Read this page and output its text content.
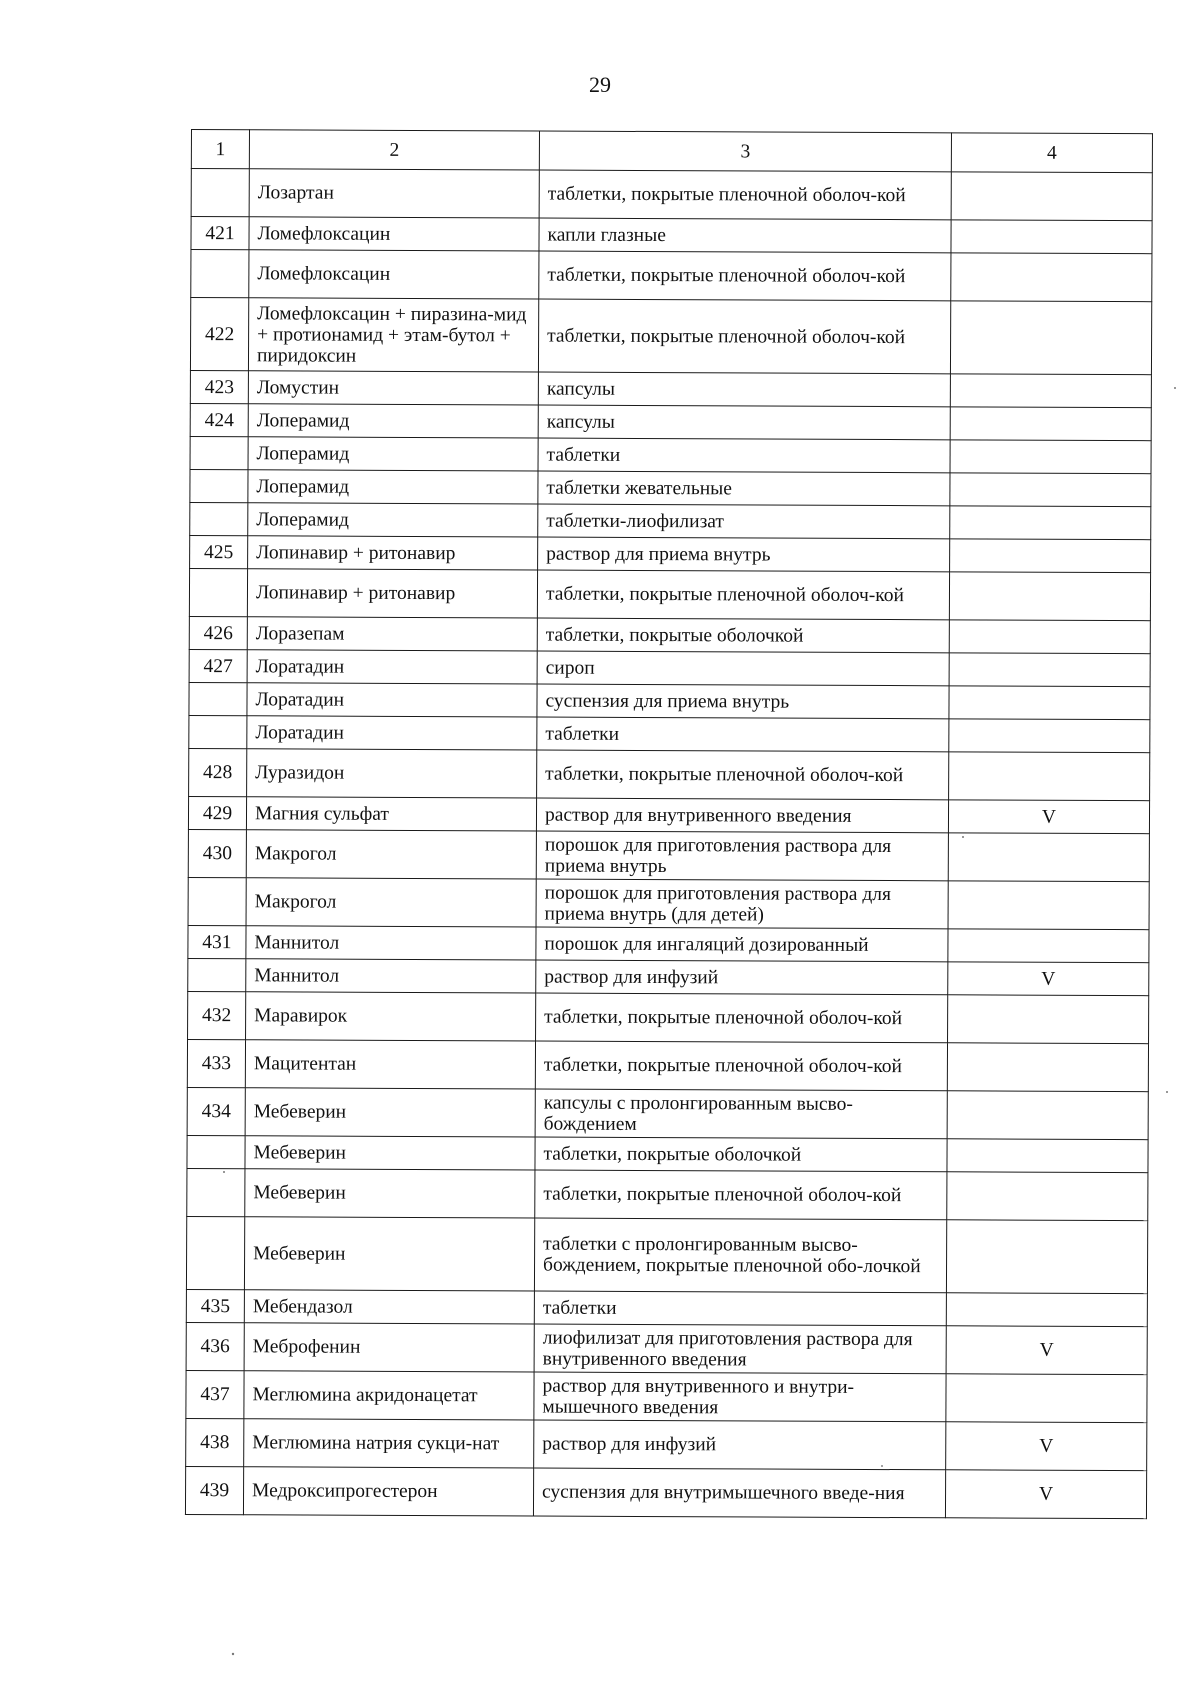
29
1	2	3	4
	Лозартан	таблетки, покрытые пленочной оболоч-кой	
421	Ломефлоксацин	капли глазные	
	Ломефлоксацин	таблетки, покрытые пленочной оболоч-кой	
422	Ломефлоксацин + пиразина-мид + протионамид + этам-бутол + пиридоксин	таблетки, покрытые пленочной оболоч-кой	
423	Ломустин	капсулы	
424	Лоперамид	капсулы	
	Лоперамид	таблетки	
	Лоперамид	таблетки жевательные	
	Лоперамид	таблетки-лиофилизат	
425	Лопинавир + ритонавир	раствор для приема внутрь	
	Лопинавир + ритонавир	таблетки, покрытые пленочной оболоч-кой	
426	Лоразепам	таблетки, покрытые оболочкой	
427	Лоратадин	сироп	
	Лоратадин	суспензия для приема внутрь	
	Лоратадин	таблетки	
428	Луразидон	таблетки, покрытые пленочной оболоч-кой	
429	Магния сульфат	раствор для внутривенного введения	V
430	Макрогол	порошок для приготовления раствора для приема внутрь	
	Макрогол	порошок для приготовления раствора для приема внутрь (для детей)	
431	Маннитол	порошок для ингаляций дозированный	
	Маннитол	раствор для инфузий	V
432	Маравирок	таблетки, покрытые пленочной оболоч-кой	
433	Мацитентан	таблетки, покрытые пленочной оболоч-кой	
434	Мебеверин	капсулы с пролонгированным высво-бождением	
	Мебеверин	таблетки, покрытые оболочкой	
	Мебеверин	таблетки, покрытые пленочной оболоч-кой	
	Мебеверин	таблетки с пролонгированным высво-бождением, покрытые пленочной обо-лочкой	
435	Мебендазол	таблетки	
436	Меброфенин	лиофилизат для приготовления раствора для внутривенного введения	V
437	Меглюмина акридонацетат	раствор для внутривенного и внутри-мышечного введения	
438	Меглюмина натрия сукци-нат	раствор для инфузий	V
439	Медроксипрогестерон	суспензия для внутримышечного введе-ния	V
